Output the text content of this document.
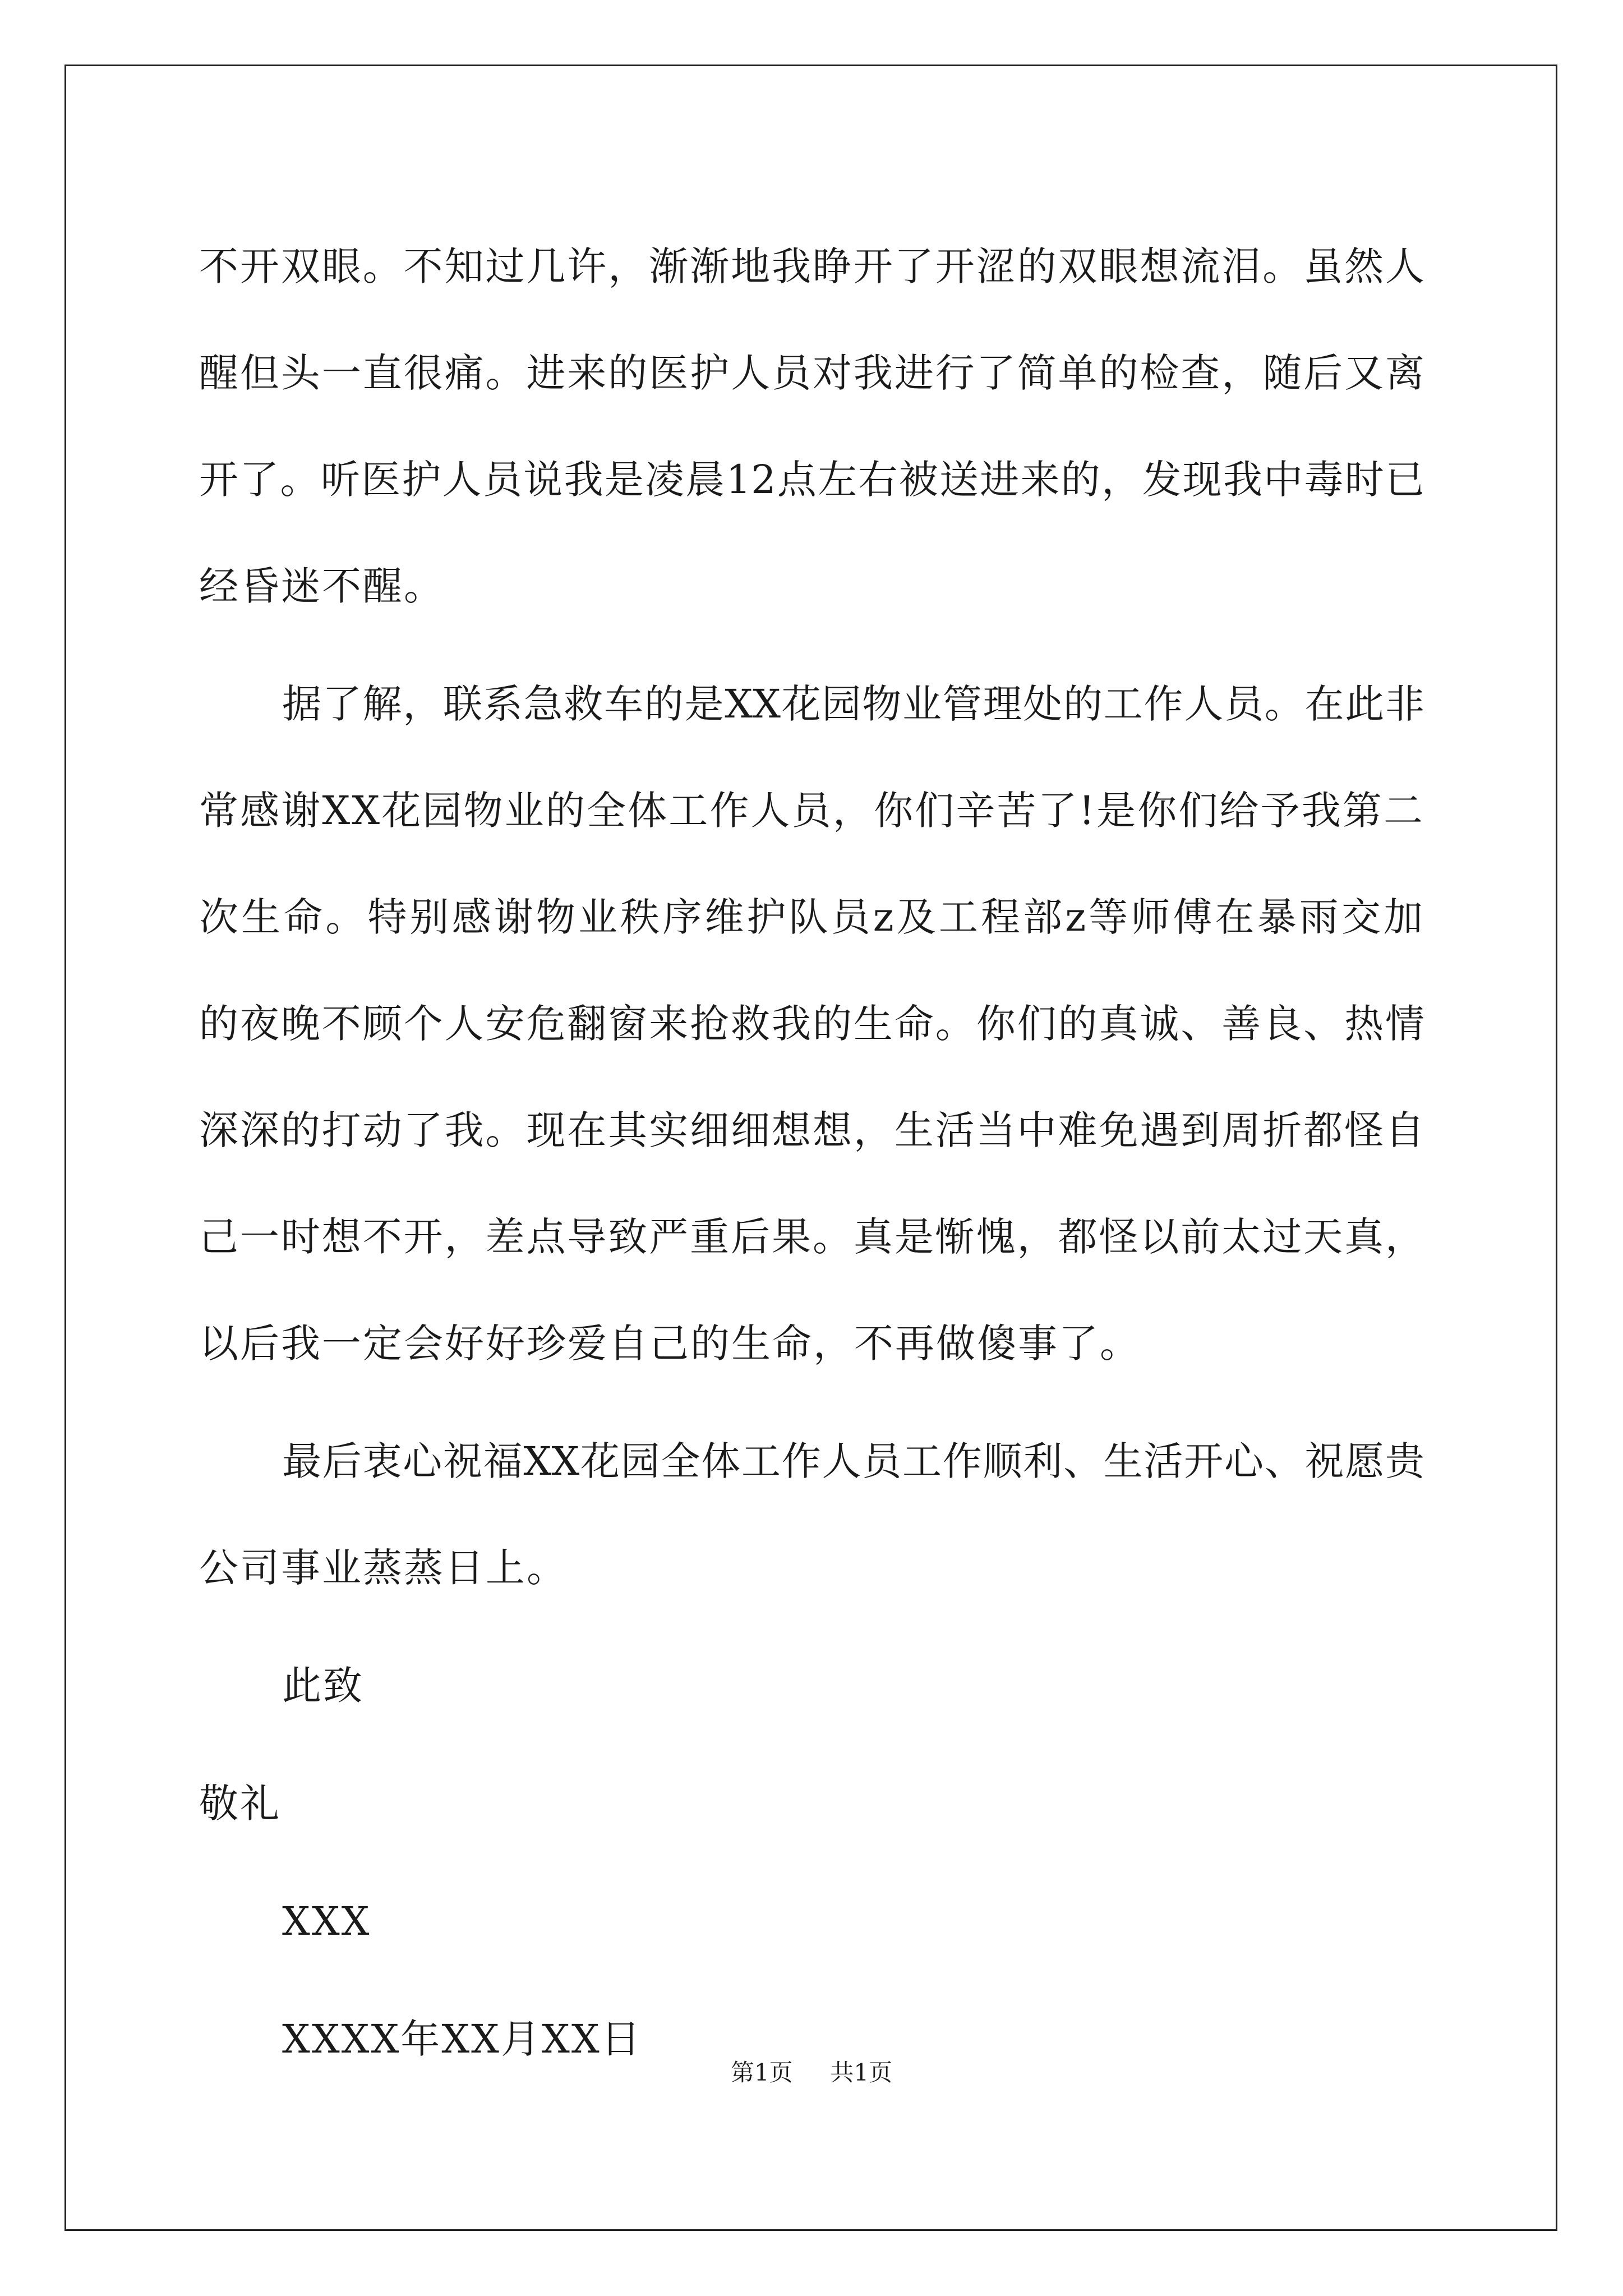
不开双眼。不知过几许，渐渐地我睁开了开涩的双眼想流泪。虽然人
醒但头一直很痛。进来的医护人员对我进行了简单的检查，随后又离
开了。听医护人员说我是凌晨12点左右被送进来的，发现我中毒时已
经昏迷不醒。
据了解，联系急救车的是XX花园物业管理处的工作人员。在此非
常感谢XX花园物业的全体工作人员，你们辛苦了!是你们给予我第二
次生命。特别感谢物业秩序维护队员z及工程部z等师傅在暴雨交加
的夜晚不顾个人安危翻窗来抢救我的生命。你们的真诚、善良、热情
深深的打动了我。现在其实细细想想，生活当中难免遇到周折都怪自
己一时想不开，差点导致严重后果。真是惭愧，都怪以前太过天真，
以后我一定会好好珍爱自己的生命，不再做傻事了。
最后衷心祝福XX花园全体工作人员工作顺利、生活开心、祝愿贵
公司事业蒸蒸日上。
此致
敬礼
XXX
XXXX年XX月XX日
第1页 共1页
